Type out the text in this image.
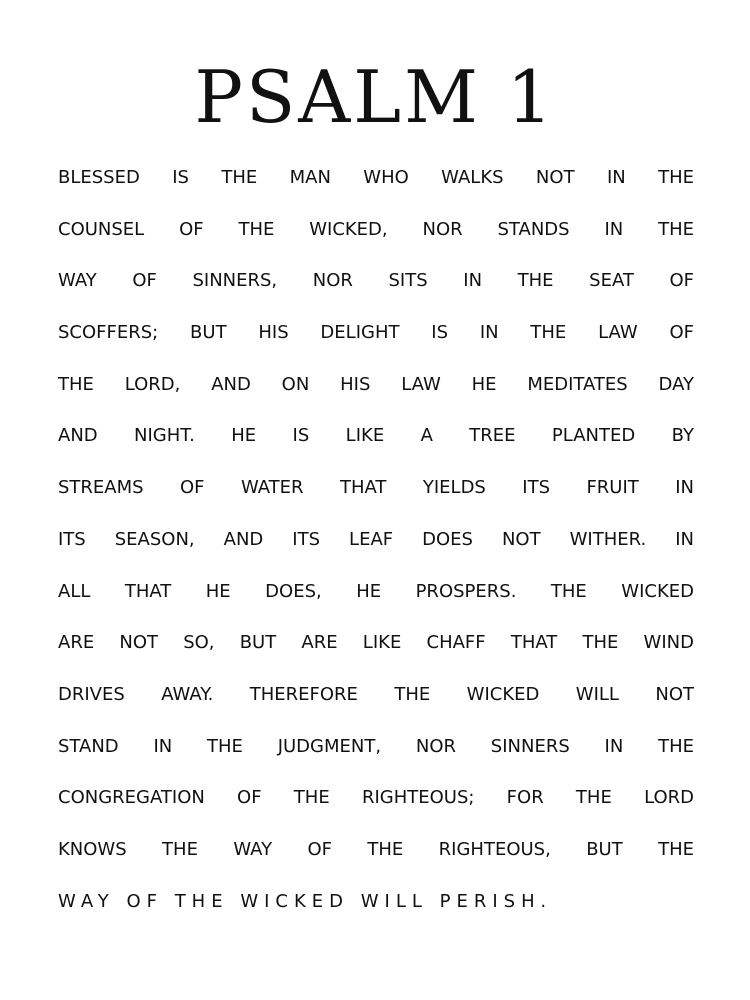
PSALM 1
BLESSED IS THE MAN WHO WALKS NOT IN THE
COUNSEL OF THE WICKED, NOR STANDS IN THE
WAY OF SINNERS, NOR SITS IN THE SEAT OF
SCOFFERS; BUT HIS DELIGHT IS IN THE LAW OF
THE LORD, AND ON HIS LAW HE MEDITATES DAY
AND NIGHT. HE IS LIKE A TREE PLANTED BY
STREAMS OF WATER THAT YIELDS ITS FRUIT IN
ITS SEASON, AND ITS LEAF DOES NOT WITHER. IN
ALL THAT HE DOES, HE PROSPERS. THE WICKED
ARE NOT SO, BUT ARE LIKE CHAFF THAT THE WIND
DRIVES AWAY. THEREFORE THE WICKED WILL NOT
STAND IN THE JUDGMENT, NOR SINNERS IN THE
CONGREGATION OF THE RIGHTEOUS; FOR THE LORD
KNOWS THE WAY OF THE RIGHTEOUS, BUT THE
WAY OF THE WICKED WILL PERISH.
